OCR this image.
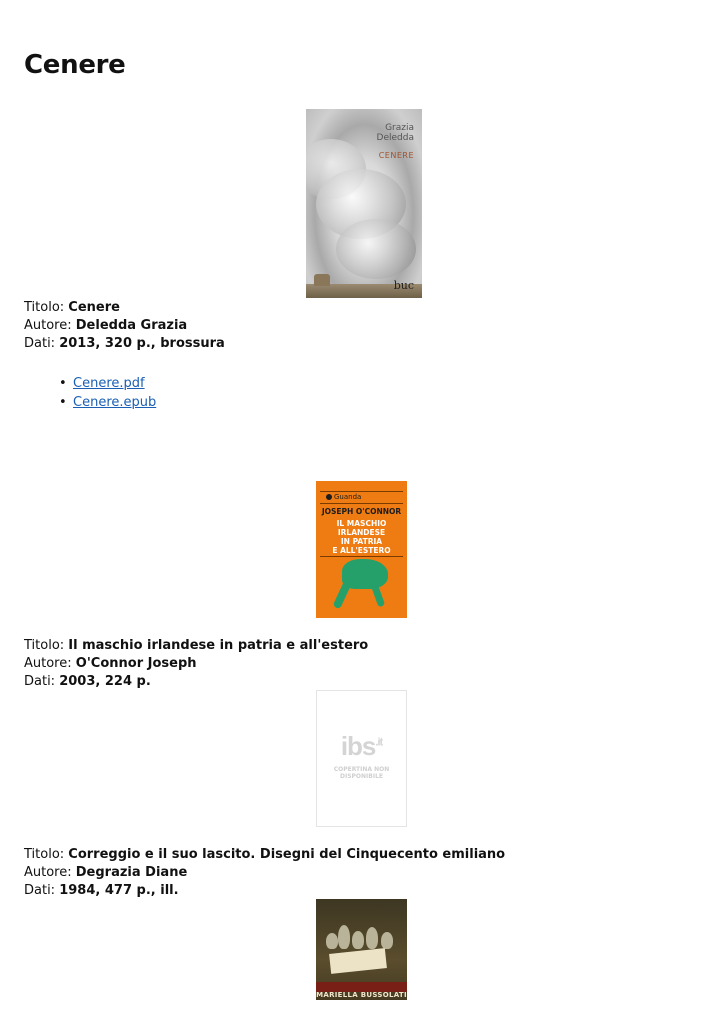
Cenere
Grazia
Deledda
CENERE
buc
Titolo: Cenere
Autore: Deledda Grazia
Dati: 2013, 320 p., brossura
• Cenere.pdf
• Cenere.epub
Guanda
JOSEPH O'CONNOR
IL MASCHIO
IRLANDESE
IN PATRIA
E ALL'ESTERO
Titolo: Il maschio irlandese in patria e all'estero
Autore: O'Connor Joseph
Dati: 2003, 224 p.
ibs$^{.it}$
COPERTINA NON
DISPONIBILE
Titolo: Correggio e il suo lascito. Disegni del Cinquecento emiliano
Autore: Degrazia Diane
Dati: 1984, 477 p., ill.

MARIELLA BUSSOLATI
